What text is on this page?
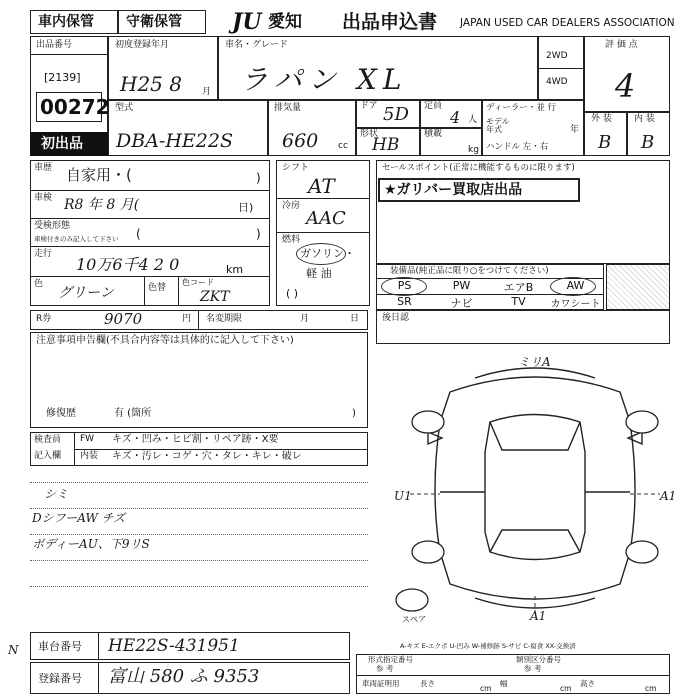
車内保管 守衛保管 JU 愛知 出品申込書 JAPAN USED CAR DEALERS ASSOCIATION
出品番号
[2139]
00272
初出品
初度登録年月
H25 8 月
車名・グレード
ラパン XL
2WD
4WD
評 価 点
4
外 装 内 装
B B
型式
DBA-HE22S
排気量
660 cc
ドア 5D 定員
4 人
形状
HB
積載
kg
ディーラー・並 行
モデル
年式	年
ハンドル 左・右
車歴 自家用・(	)
車検 R8 年 8 月(	日)
受検形態
車検付きのみ記入して下さい (	)
走行
10万6千4 2 0	km
色
グリーン	色替
色コード
ZKT
シフト
AT
冷房
AAC
燃料
ガソリン・
軽 油
( )
R券	9070	円 名変期限	月	日
セールスポイント(正常に機能するものに限ります)
★ガリバー買取店出品
装備品(純正品に限り○をつけてください)
PS	PW	エアB	AW
SR	ナビ	TV	カワシート
後日認
注意事項申告欄(不具合内容等は具体的に記入して下さい)
修復歴	有 (箇所	)
検査員
記入欄
FW キズ・凹み・ヒビ割・リペア跡・X要
内装 キズ・汚レ・コゲ・穴・タレ・キレ・破レ
シミ
DシフーAW チズ
ボディーAU、下9リS
ミリA
U1	A1
A1
スペア
A-キズ E-エクボ U-凹み W-補修跡 S-サビ C-腐食 XX-交換済
車台番号 HE22S-431951
登録番号 富山 580 ふ 9353
N
形式指定番号
参 考
類別区分番号
参 考
車両証明用	長さ
cm
幅
cm
高さ
cm
